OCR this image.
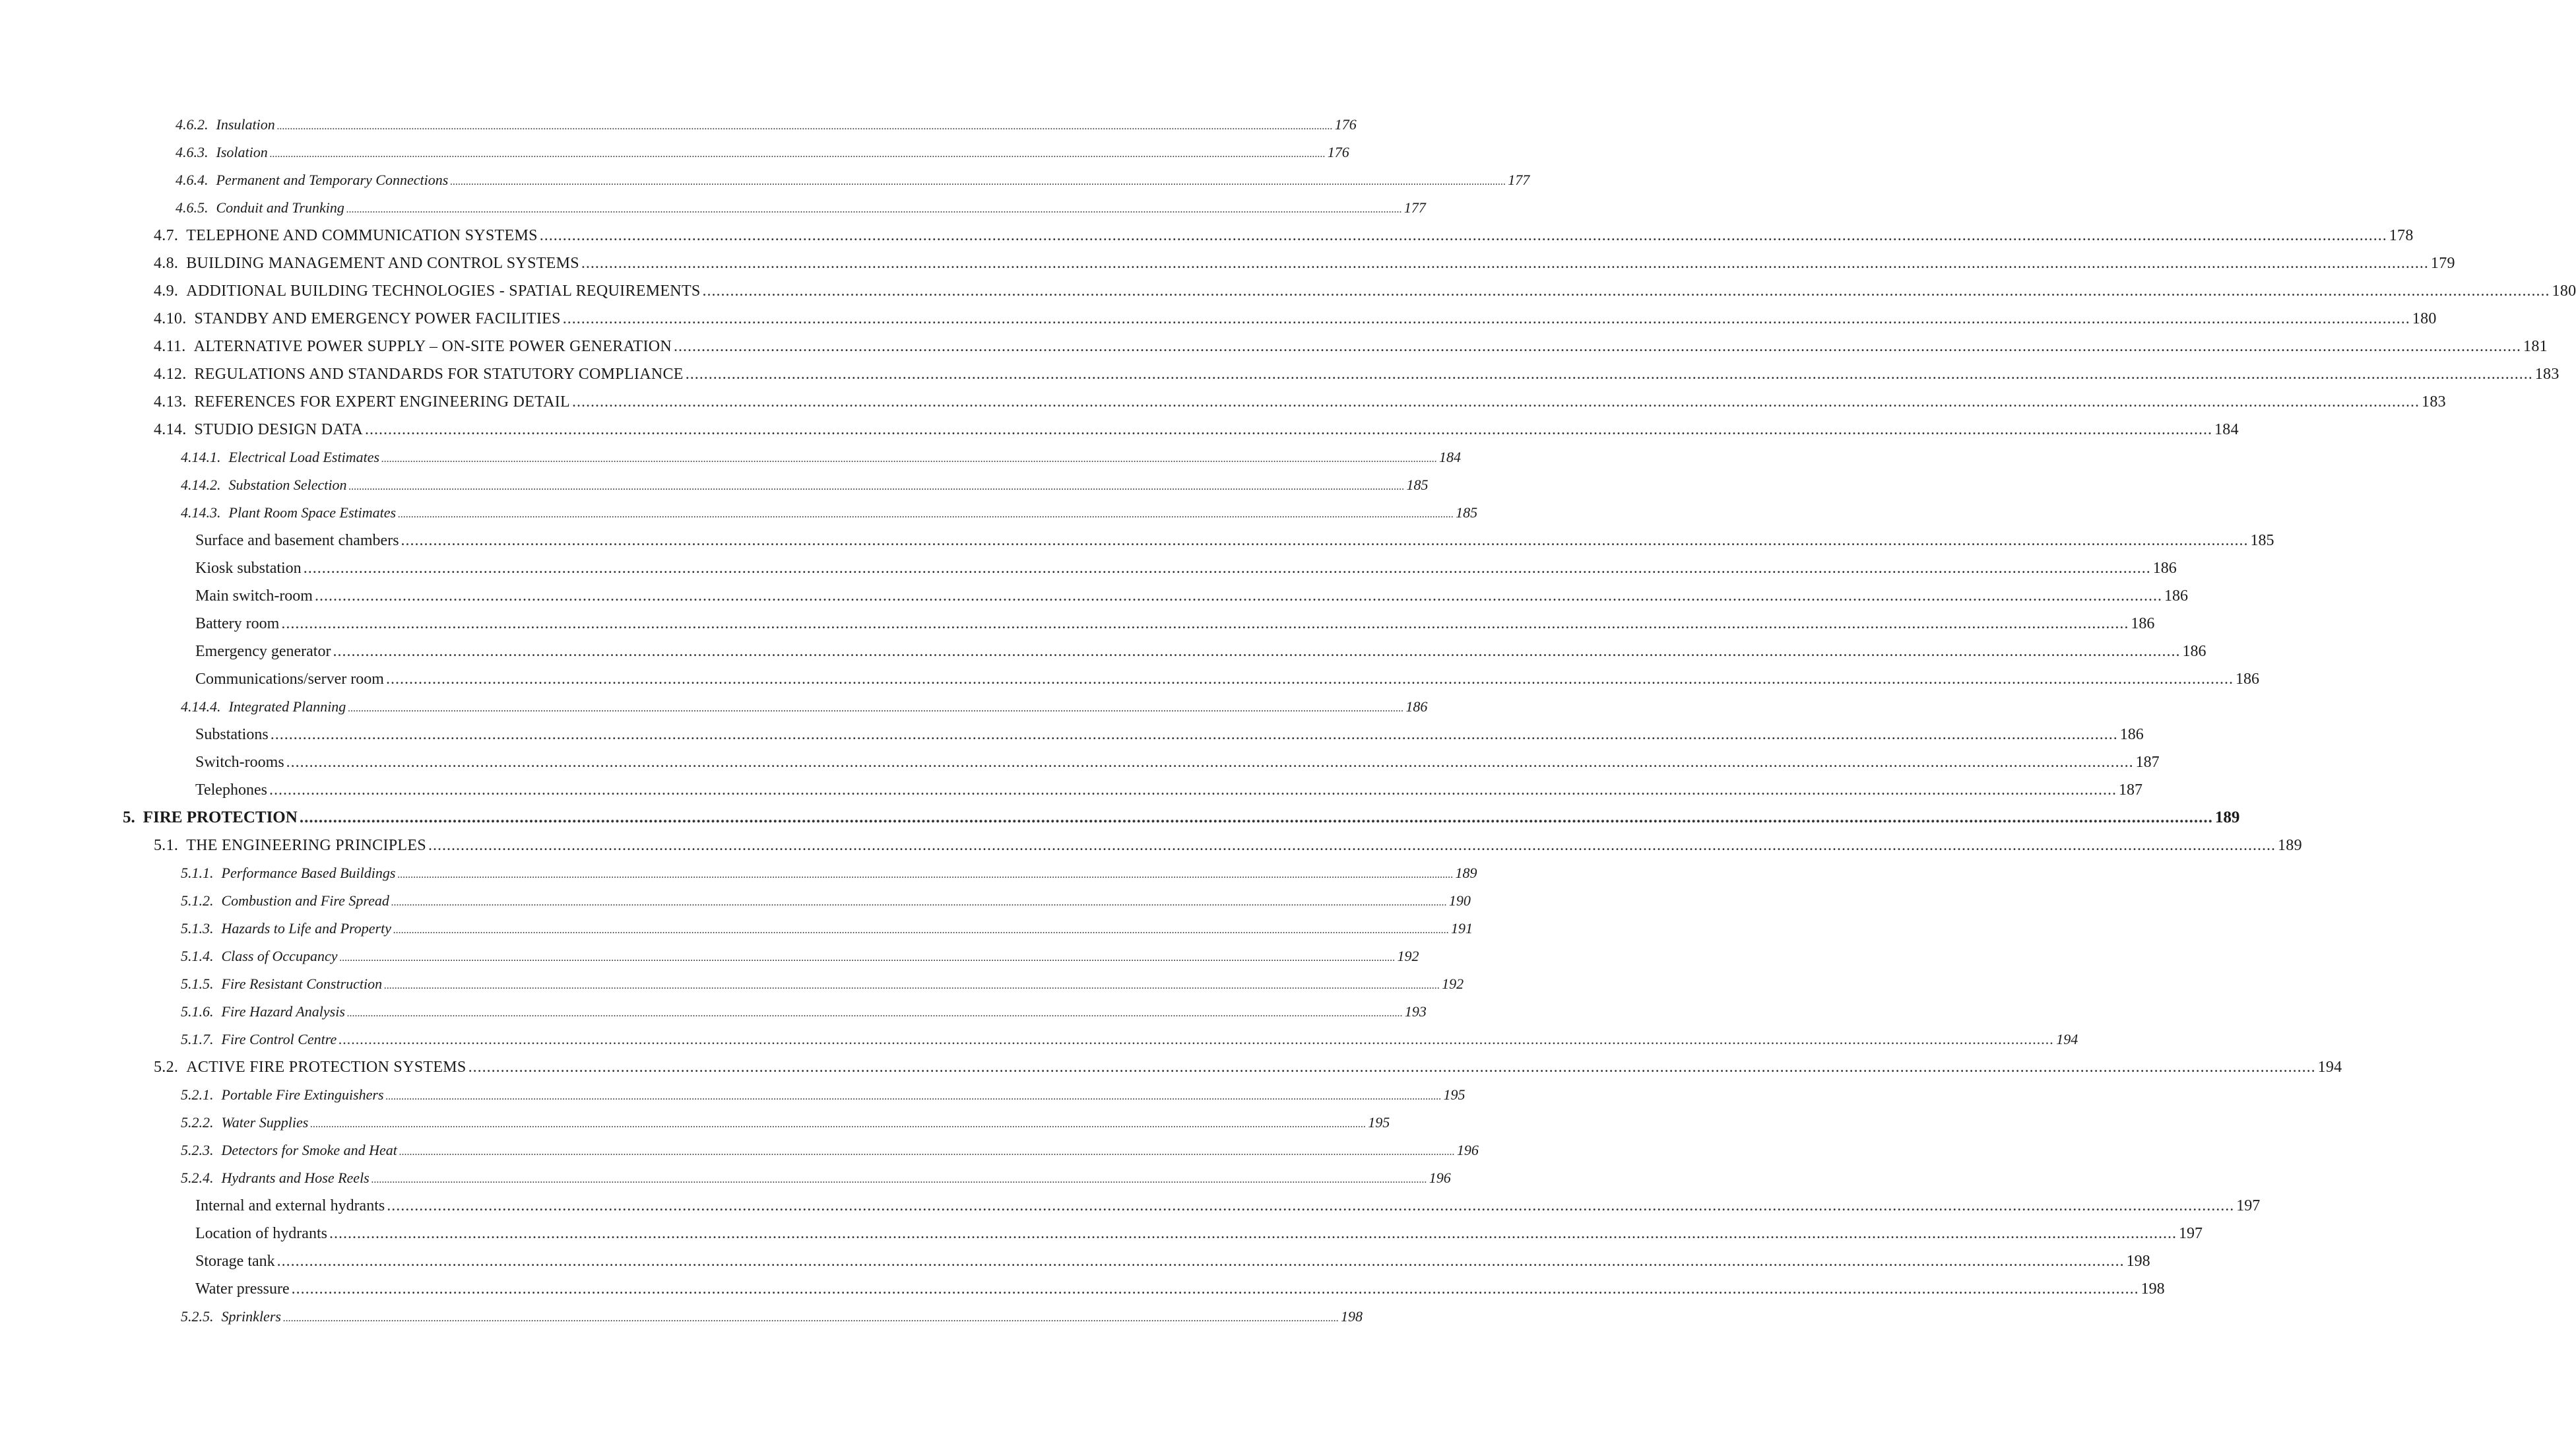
4.6.2. Insulation ................................................................................................................................................................................................................................................................................................................................................................................................................ 176
4.6.3. Isolation ................................................................................................................................................................................................................................................................................................................................................................................................................ 176
4.6.4. Permanent and Temporary Connections ................................................................................................................................................................................................................................................................................................................................................................................................................ 177
4.6.5. Conduit and Trunking ................................................................................................................................................................................................................................................................................................................................................................................................................ 177
4.7. TELEPHONE AND COMMUNICATION SYSTEMS ................................................................................................................................................................................................................................................................................................................................................................................................................ 178
4.8. BUILDING MANAGEMENT AND CONTROL SYSTEMS ................................................................................................................................................................................................................................................................................................................................................................................................................ 179
4.9. ADDITIONAL BUILDING TECHNOLOGIES - SPATIAL REQUIREMENTS ................................................................................................................................................................................................................................................................................................................................................................................................................ 180
4.10. STANDBY AND EMERGENCY POWER FACILITIES ................................................................................................................................................................................................................................................................................................................................................................................................................ 180
4.11. ALTERNATIVE POWER SUPPLY – ON-SITE POWER GENERATION ................................................................................................................................................................................................................................................................................................................................................................................................................ 181
4.12. REGULATIONS AND STANDARDS FOR STATUTORY COMPLIANCE ................................................................................................................................................................................................................................................................................................................................................................................................................ 183
4.13. REFERENCES FOR EXPERT ENGINEERING DETAIL ................................................................................................................................................................................................................................................................................................................................................................................................................ 183
4.14. STUDIO DESIGN DATA ................................................................................................................................................................................................................................................................................................................................................................................................................ 184
4.14.1. Electrical Load Estimates ................................................................................................................................................................................................................................................................................................................................................................................................................ 184
4.14.2. Substation Selection ................................................................................................................................................................................................................................................................................................................................................................................................................ 185
4.14.3. Plant Room Space Estimates ................................................................................................................................................................................................................................................................................................................................................................................................................ 185
Surface and basement chambers ................................................................................................................................................................................................................................................................................................................................................................................................................ 185
Kiosk substation ................................................................................................................................................................................................................................................................................................................................................................................................................ 186
Main switch-room ................................................................................................................................................................................................................................................................................................................................................................................................................ 186
Battery room ................................................................................................................................................................................................................................................................................................................................................................................................................ 186
Emergency generator ................................................................................................................................................................................................................................................................................................................................................................................................................ 186
Communications/server room ................................................................................................................................................................................................................................................................................................................................................................................................................ 186
4.14.4. Integrated Planning ................................................................................................................................................................................................................................................................................................................................................................................................................ 186
Substations ................................................................................................................................................................................................................................................................................................................................................................................................................ 186
Switch-rooms ................................................................................................................................................................................................................................................................................................................................................................................................................ 187
Telephones ................................................................................................................................................................................................................................................................................................................................................................................................................ 187
5. FIRE PROTECTION ................................................................................................................................................................................................................................................................................................................................................................................................................ 189
5.1. THE ENGINEERING PRINCIPLES ................................................................................................................................................................................................................................................................................................................................................................................................................ 189
5.1.1. Performance Based Buildings ................................................................................................................................................................................................................................................................................................................................................................................................................ 189
5.1.2. Combustion and Fire Spread ................................................................................................................................................................................................................................................................................................................................................................................................................ 190
5.1.3. Hazards to Life and Property ................................................................................................................................................................................................................................................................................................................................................................................................................ 191
5.1.4. Class of Occupancy ................................................................................................................................................................................................................................................................................................................................................................................................................ 192
5.1.5. Fire Resistant Construction ................................................................................................................................................................................................................................................................................................................................................................................................................ 192
5.1.6. Fire Hazard Analysis ................................................................................................................................................................................................................................................................................................................................................................................................................ 193
5.1.7. Fire Control Centre ................................................................................................................................................................................................................................................................................................................................................................................................................ 194
5.2. ACTIVE FIRE PROTECTION SYSTEMS ................................................................................................................................................................................................................................................................................................................................................................................................................ 194
5.2.1. Portable Fire Extinguishers ................................................................................................................................................................................................................................................................................................................................................................................................................ 195
5.2.2. Water Supplies ................................................................................................................................................................................................................................................................................................................................................................................................................ 195
5.2.3. Detectors for Smoke and Heat ................................................................................................................................................................................................................................................................................................................................................................................................................ 196
5.2.4. Hydrants and Hose Reels ................................................................................................................................................................................................................................................................................................................................................................................................................ 196
Internal and external hydrants ................................................................................................................................................................................................................................................................................................................................................................................................................ 197
Location of hydrants ................................................................................................................................................................................................................................................................................................................................................................................................................ 197
Storage tank ................................................................................................................................................................................................................................................................................................................................................................................................................ 198
Water pressure ................................................................................................................................................................................................................................................................................................................................................................................................................ 198
5.2.5. Sprinklers ................................................................................................................................................................................................................................................................................................................................................................................................................ 198
